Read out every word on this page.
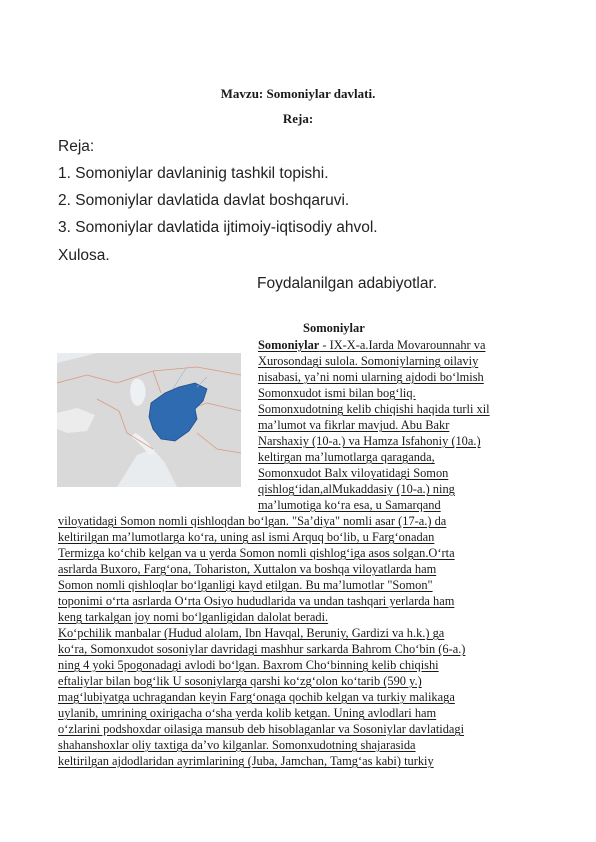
Mavzu: Somoniylar davlati.
Reja:
Reja:
1. Somoniylar davlaninig tashkil topishi.
2. Somoniylar davlatida davlat boshqaruvi.
3. Somoniylar davlatida ijtimoiy-iqtisodiy ahvol.
Xulosa.
Foydalanilgan adabiyotlar.
Somoniylar
Somoniylar - IX-X-a.Iarda Movarounnahr va
Xurosondagi sulola. Somoniylarning oilaviy
nisabasi, ya’ni nomi ularning ajdodi bo‘lmish
Somonxudot ismi bilan bog‘liq.
Somonxudotning kelib chiqishi haqida turli xil
ma’lumot va fikrlar mavjud. Abu Bakr
Narshaxiy (10-a.) va Hamza Isfahoniy (10a.)
keltirgan ma’lumotlarga qaraganda,
Somonxudot Balx viloyatidagi Somon
qishlog‘idan,alMukaddasiy (10-a.) ning
ma’lumotiga ko‘ra esa, u Samarqand
viloyatidagi Somon nomli qishloqdan bo‘lgan. "Sa’diya" nomli asar (17-a.) da
keltirilgan ma’lumotlarga ko‘ra, uning asl ismi Arquq bo‘lib, u Farg‘onadan
Termizga ko‘chib kelgan va u yerda Somon nomli qishlog‘iga asos solgan.O‘rta
asrlarda Buxoro, Farg‘ona, Toharistоn, Xuttalon va boshqa viloyatlarda ham
Somon nomli qishloqlar bo‘lganligi kayd etilgan. Bu ma’lumotlar "Somon"
toponimi o‘rta asrlarda O‘rta Osiyo hududlarida va undan tashqari yerlarda ham
keng tarkalgan joy nomi bo‘lganligidan dalolat beradi.
Ko‘pchilik manbalar (Hudud alolam, Ibn Havqal, Beruniy, Gardizi va h.k.) ga
ko‘ra, Somonxudot sosoniylar davridagi mashhur sarkarda Bahrom Cho‘bin (6-a.)
ning 4 yoki 5pogonadagi avlodi bo‘lgan. Baxrom Cho‘binning kelib chiqishi
eftaliylar bilan bog‘lik U sosoniylarga qarshi ko‘zg‘olon ko‘tarib (590 y.)
mag‘lubiyatga uchragandan keyin Farg‘onaga qochib kelgan va turkiy malikaga
uylanib, umrining oxirigacha o‘sha yerda kolib ketgan. Uning avlodlari ham
o‘zlarini podshoxdar oilasiga mansub deb hisoblaganlar va Sosoniylar davlatidagi
shahanshoxlar oliy taxtiga da’vo kilganlar. Somonxudotning shajarasida
keltirilgan ajdodlaridan ayrimlarining (Juba, Jamchan, Tamg‘as kabi) turkiy
